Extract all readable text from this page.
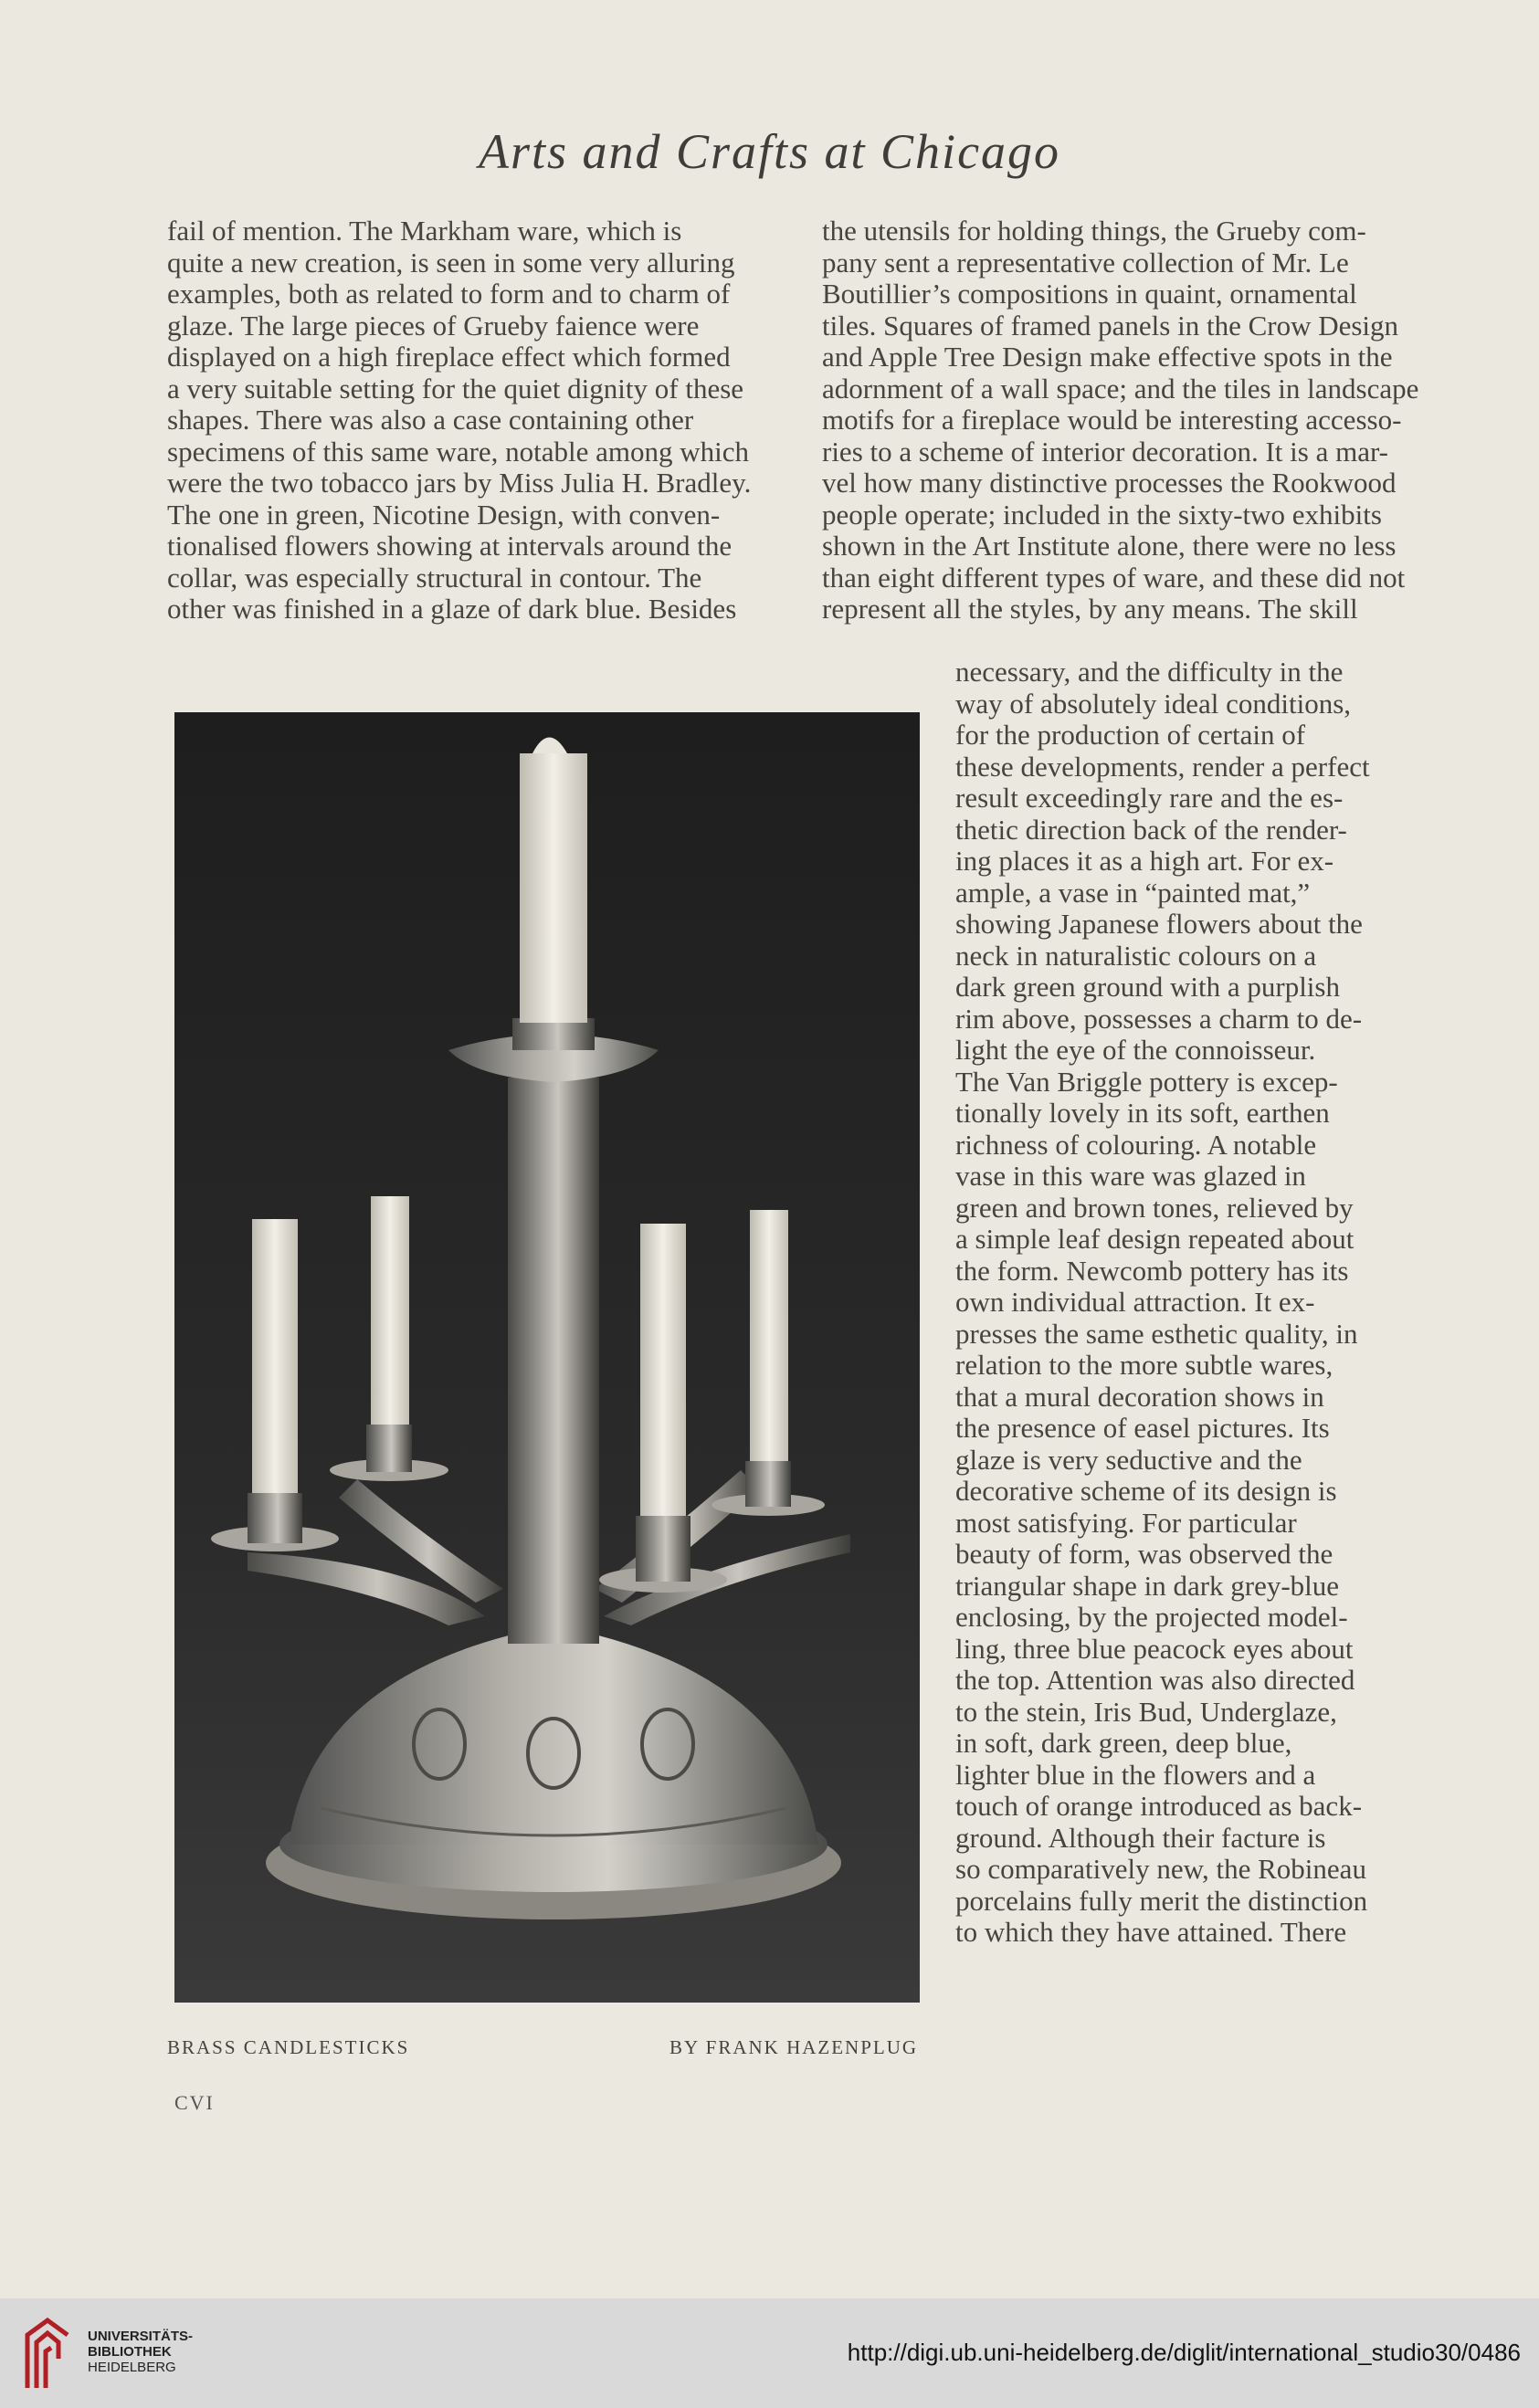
Arts and Crafts at Chicago
fail of mention. The Markham ware, which is
quite a new creation, is seen in some very alluring
examples, both as related to form and to charm of
glaze. The large pieces of Grueby faience were
displayed on a high fireplace effect which formed
a very suitable setting for the quiet dignity of these
shapes. There was also a case containing other
specimens of this same ware, notable among which
were the two tobacco jars by Miss Julia H. Bradley.
The one in green, Nicotine Design, with conven-
tionalised flowers showing at intervals around the
collar, was especially structural in contour. The
other was finished in a glaze of dark blue. Besides
the utensils for holding things, the Grueby com-
pany sent a representative collection of Mr. Le
Boutillier’s compositions in quaint, ornamental
tiles. Squares of framed panels in the Crow Design
and Apple Tree Design make effective spots in the
adornment of a wall space; and the tiles in landscape
motifs for a fireplace would be interesting accesso-
ries to a scheme of interior decoration. It is a mar-
vel how many distinctive processes the Rookwood
people operate; included in the sixty-two exhibits
shown in the Art Institute alone, there were no less
than eight different types of ware, and these did not
represent all the styles, by any means. The skill
necessary, and the difficulty in the
way of absolutely ideal conditions,
for the production of certain of
these developments, render a perfect
result exceedingly rare and the es-
thetic direction back of the render-
ing places it as a high art. For ex-
ample, a vase in “painted mat,”
showing Japanese flowers about the
neck in naturalistic colours on a
dark green ground with a purplish
rim above, possesses a charm to de-
light the eye of the connoisseur.
The Van Briggle pottery is excep-
tionally lovely in its soft, earthen
richness of colouring. A notable
vase in this ware was glazed in
green and brown tones, relieved by
a simple leaf design repeated about
the form. Newcomb pottery has its
own individual attraction. It ex-
presses the same esthetic quality, in
relation to the more subtle wares,
that a mural decoration shows in
the presence of easel pictures. Its
glaze is very seductive and the
decorative scheme of its design is
most satisfying. For particular
beauty of form, was observed the
triangular shape in dark grey-blue
enclosing, by the projected model-
ling, three blue peacock eyes about
the top. Attention was also directed
to the stein, Iris Bud, Underglaze,
in soft, dark green, deep blue,
lighter blue in the flowers and a
touch of orange introduced as back-
ground. Although their facture is
so comparatively new, the Robineau
porcelains fully merit the distinction
to which they have attained. There
BRASS CANDLESTICKS	BY FRANK HAZENPLUG
CVI
UNIVERSITÄTS-
BIBLIOTHEK
HEIDELBERG
http://digi.ub.uni-heidelberg.de/diglit/international_studio30/0486
